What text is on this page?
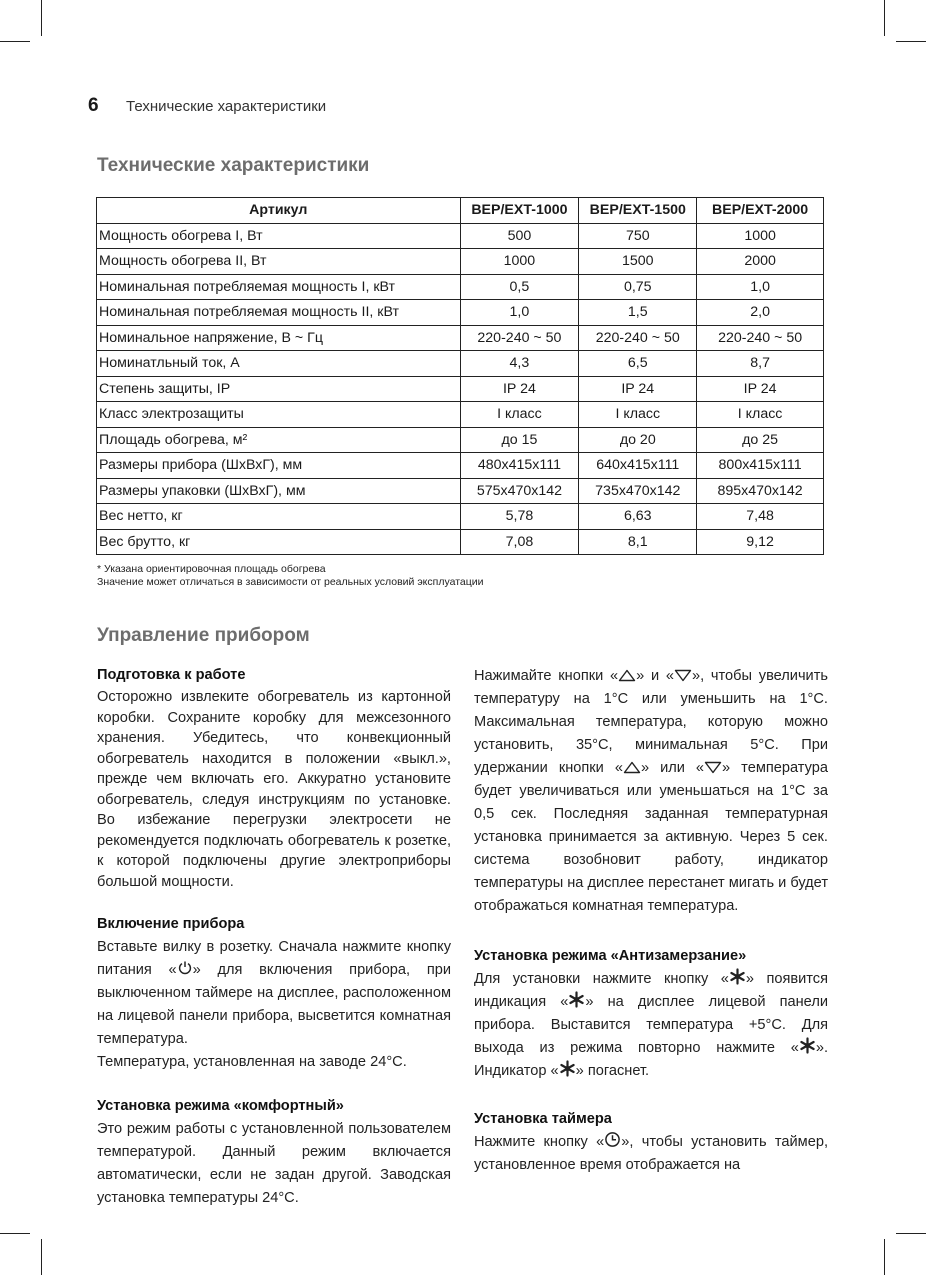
6 Технические характеристики
Технические характеристики
Артикул	BEP/EXT-1000	BEP/EXT-1500	BEP/EXT-2000
Мощность обогрева I, Вт	500	750	1000
Мощность обогрева II, Вт	1000	1500	2000
Номинальная потребляемая мощность I, кВт	0,5	0,75	1,0
Номинальная потребляемая мощность II, кВт	1,0	1,5	2,0
Номинальное напряжение, В ~ Гц	220-240 ~ 50	220-240 ~ 50	220-240 ~ 50
Номинатльный ток, А	4,3	6,5	8,7
Степень защиты, IP	IP 24	IP 24	IP 24
Класс электрозащиты	I класс	I класс	I класс
Площадь обогрева, м²	до 15	до 20	до 25
Размеры прибора (ШхВхГ), мм	480х415х111	640х415х111	800х415х111
Размеры упаковки (ШхВхГ), мм	575х470х142	735х470х142	895х470х142
Вес нетто, кг	5,78	6,63	7,48
Вес брутто, кг	7,08	8,1	9,12
* Указана ориентировочная площадь обогрева
Значение может отличаться в зависимости от реальных условий эксплуатации
Управление прибором
Подготовка к работе

Осторожно извлеките обогреватель из картонной коробки. Сохраните коробку для межсезонного хранения. Убедитесь, что конвекционный обогреватель находится в положении «выкл.», прежде чем включать его. Аккуратно установите обогреватель, следуя инструкциям по установке. Во избежание перегрузки электросети не рекомендуется подключать обогреватель к розетке, к которой подключены другие электроприборы большой мощности.

Включение прибора

Вставьте вилку в розетку. Сначала нажмите кнопку питания « » для включения прибора, при выключенном таймере на дисплее, расположенном на лицевой панели прибора, высветится комнатная температура.

Температура, установленная на заводе 24°С.

Установка режима «комфортный»

Это режим работы с установленной пользователем температурой. Данный режим включается автоматически, если не задан другой. Заводская установка температуры 24°С.

Нажимайте кнопки « » и « », чтобы увеличить температуру на 1°С или уменьшить на 1°С. Максимальная температура, которую можно установить, 35°С, минимальная 5°С. При удержании кнопки « » или « » температура будет увеличиваться или уменьшаться на 1°С за 0,5 сек. Последняя заданная температурная установка принимается за активную. Через 5 сек. система возобновит работу, индикатор температуры на дисплее перестанет мигать и будет отображаться комнатная температура.

Установка режима «Антизамерзание»

Для установки нажмите кнопку « » появится индикация « » на дисплее лицевой панели прибора. Выставится температура +5°С. Для выхода из режима повторно нажмите « ». Индикатор « » погаснет.

Установка таймера

Нажмите кнопку « », чтобы установить таймер, установленное время отображается на
